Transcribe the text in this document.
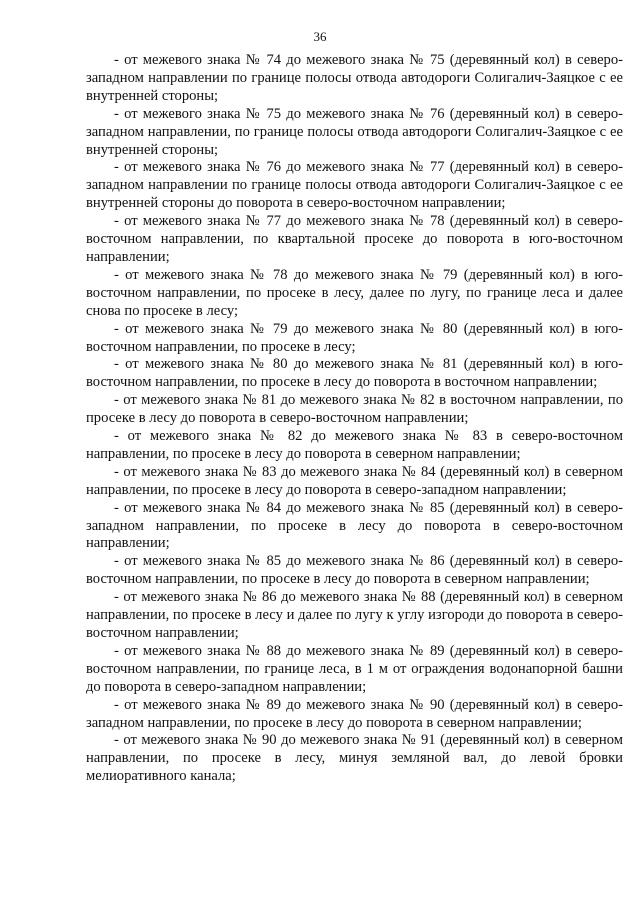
36

- от межевого знака № 74 до межевого знака № 75 (деревянный кол) в северо-западном направлении по границе полосы отвода автодороги Солигалич-Заяцкое с ее внутренней стороны;

- от межевого знака № 75 до межевого знака № 76 (деревянный кол) в северо-западном направлении, по границе полосы отвода автодороги Солигалич-Заяцкое с ее внутренней стороны;

- от межевого знака № 76 до межевого знака № 77 (деревянный кол) в северо-западном направлении по границе полосы отвода автодороги Солигалич-Заяцкое с ее внутренней стороны до поворота в северо-восточном направлении;

- от межевого знака № 77 до межевого знака № 78 (деревянный кол) в северо-восточном направлении, по квартальной просеке до поворота в юго-восточном направлении;

- от межевого знака № 78 до межевого знака № 79 (деревянный кол) в юго-восточном направлении, по просеке в лесу, далее по лугу, по границе леса и далее снова по просеке в лесу;

- от межевого знака № 79 до межевого знака № 80 (деревянный кол) в юго-восточном направлении, по просеке в лесу;

- от межевого знака № 80 до межевого знака № 81 (деревянный кол) в юго-восточном направлении, по просеке в лесу до поворота в восточном направлении;

- от межевого знака № 81 до межевого знака № 82 в восточном направлении, по просеке в лесу до поворота в северо-восточном направлении;

- от межевого знака № 82 до межевого знака № 83 в северо-восточном направлении, по просеке в лесу до поворота в северном направлении;

- от межевого знака № 83 до межевого знака № 84 (деревянный кол) в северном направлении, по просеке в лесу до поворота в северо-западном направлении;

- от межевого знака № 84 до межевого знака № 85 (деревянный кол) в северо-западном направлении, по просеке в лесу до поворота в северо-восточном направлении;

- от межевого знака № 85 до межевого знака № 86 (деревянный кол) в северо-восточном направлении, по просеке в лесу до поворота в северном направлении;

- от межевого знака № 86 до межевого знака № 88 (деревянный кол) в северном направлении, по просеке в лесу и далее по лугу к углу изгороди до поворота в северо-восточном направлении;

- от межевого знака № 88 до межевого знака № 89 (деревянный кол) в северо-восточном направлении, по границе леса, в 1 м от ограждения водонапорной башни до поворота в северо-западном направлении;

- от межевого знака № 89 до межевого знака № 90 (деревянный кол) в северо-западном направлении, по просеке в лесу до поворота в северном направлении;

- от межевого знака № 90 до межевого знака № 91 (деревянный кол) в северном направлении, по просеке в лесу, минуя земляной вал, до левой бровки мелиоративного канала;
